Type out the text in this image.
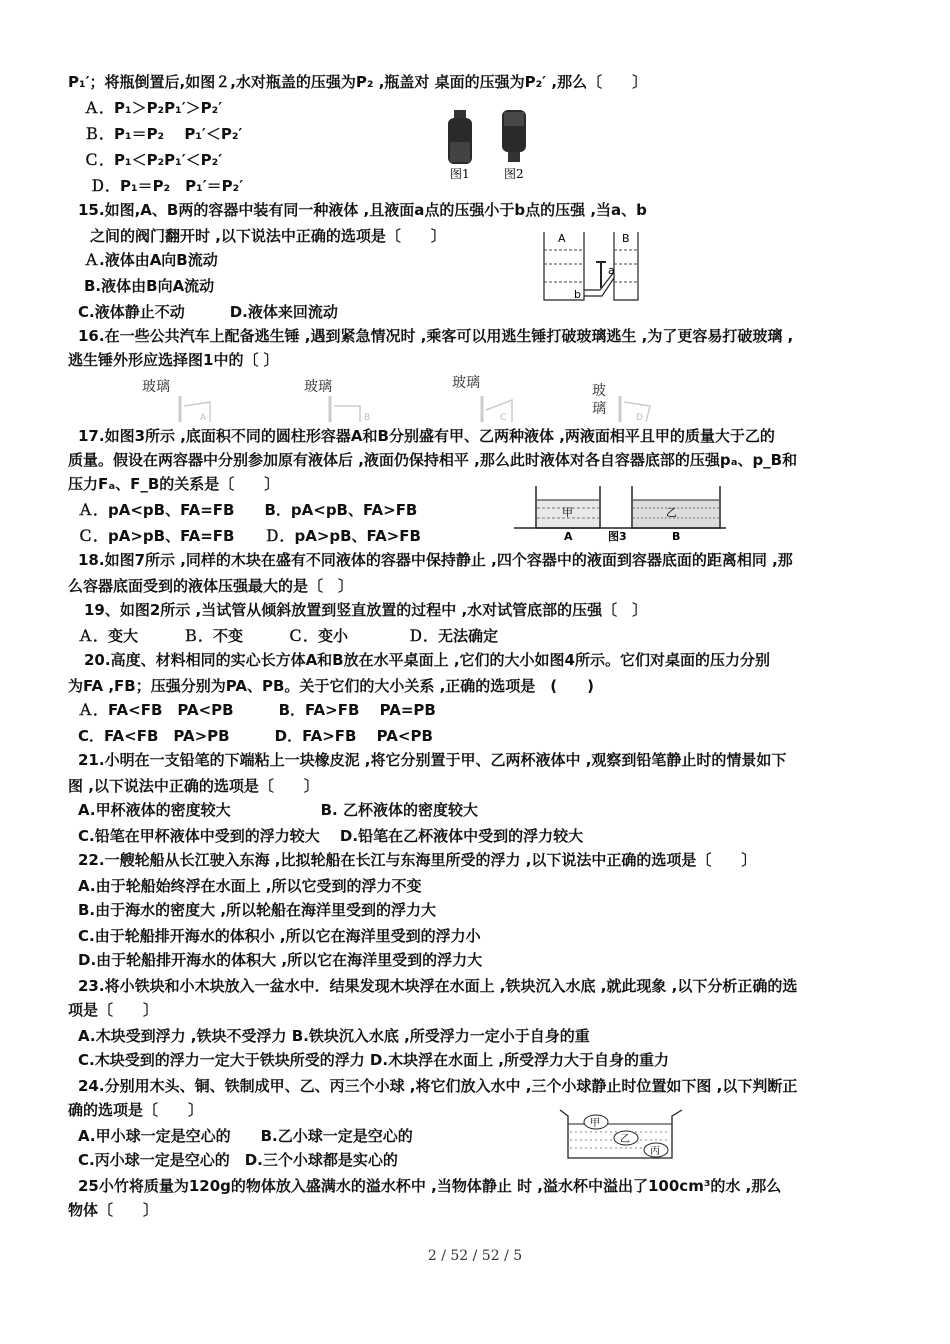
P₁′；将瓶倒置后,如图２,水对瓶盖的压强为P₂ ,瓶盖对 桌面的压强为P₂′ ,那么〔　　〕
Ａ．P₁＞P₂P₁′＞P₂′
Ｂ．P₁＝P₂　 P₁′＜P₂′
Ｃ．P₁＜P₂P₁′＜P₂′
Ｄ．P₁＝P₂　P₁′＝P₂′
15.如图,A、B两的容器中装有同一种液体 ,且液面a点的压强小于b点的压强 ,当a、b
之间的阀门翻开时 ,以下说法中正确的选项是〔　　〕
Ａ.液体由A向B流动
B.液体由B向A流动
C.液体静止不动　　　D.液体来回流动
16.在一些公共汽车上配备逃生锤 ,遇到紧急情况时 ,乘客可以用逃生锤打破玻璃逃生 ,为了更容易打破玻璃 ,
逃生锤外形应选择图1中的〔 〕
17.如图3所示 ,底面积不同的圆柱形容器A和B分别盛有甲、乙两种液体 ,两液面相平且甲的质量大于乙的
质量。假设在两容器中分别参加原有液体后 ,液面仍保持相平 ,那么此时液体对各自容器底部的压强pₐ、p_B和
压力Fₐ、F_B的关系是〔　　〕
Ａ．pA<pB、FA=FB　　B．pA<pB、FA>FB
Ｃ．pA>pB、FA=FB　　Ｄ．pA>pB、FA>FB
18.如图7所示 ,同样的木块在盛有不同液体的容器中保持静止 ,四个容器中的液面到容器底面的距离相同 ,那
么容器底面受到的液体压强最大的是〔　〕
19、如图2所示 ,当试管从倾斜放置到竖直放置的过程中 ,水对试管底部的压强〔　〕
Ａ．变大　　　Ｂ．不变　　　Ｃ．变小　　　　Ｄ．无法确定
20.高度、材料相同的实心长方体A和B放在水平桌面上 ,它们的大小如图4所示。它们对桌面的压力分别
为FA ,FB；压强分别为PA、PB。关于它们的大小关系 ,正确的选项是　(　　)
Ａ．FA<FB　PA<PB　　　B．FA>FB　 PA=PB
C．FA<FB　PA>PB　　　D．FA>FB　 PA<PB
21.小明在一支铅笔的下端粘上一块橡皮泥 ,将它分别置于甲、乙两杯液体中 ,观察到铅笔静止时的情景如下
图 ,以下说法中正确的选项是〔　　〕
A.甲杯液体的密度较大　　　　　　B. 乙杯液体的密度较大
C.铅笔在甲杯液体中受到的浮力较大　 D.铅笔在乙杯液体中受到的浮力较大
22.一艘轮船从长江驶入东海 ,比拟轮船在长江与东海里所受的浮力 ,以下说法中正确的选项是〔　　〕
A.由于轮船始终浮在水面上 ,所以它受到的浮力不变
B.由于海水的密度大 ,所以轮船在海洋里受到的浮力大
C.由于轮船排开海水的体积小 ,所以它在海洋里受到的浮力小
D.由于轮船排开海水的体积大 ,所以它在海洋里受到的浮力大
23.将小铁块和小木块放入一盆水中．结果发现木块浮在水面上 ,铁块沉入水底 ,就此现象 ,以下分析正确的选
项是〔　　〕
A.木块受到浮力 ,铁块不受浮力 B.铁块沉入水底 ,所受浮力一定小于自身的重
C.木块受到的浮力一定大于铁块所受的浮力 D.木块浮在水面上 ,所受浮力大于自身的重力
24.分别用木头、铜、铁制成甲、乙、丙三个小球 ,将它们放入水中 ,三个小球静止时位置如下图 ,以下判断正
确的选项是〔　　〕
A.甲小球一定是空心的　　B.乙小球一定是空心的
C.丙小球一定是空心的　D.三个小球都是实心的
25小竹将质量为120g的物体放入盛满水的溢水杯中 ,当物体静止 时 ,溢水杯中溢出了100cm³的水 ,那么
物体〔　　〕
图1	图2
A	B
a
b
玻璃	玻璃	玻璃	玻
璃
A	B	C	D
甲	乙
A	图3	B
甲
乙
丙
2 / 52 / 52 / 5
